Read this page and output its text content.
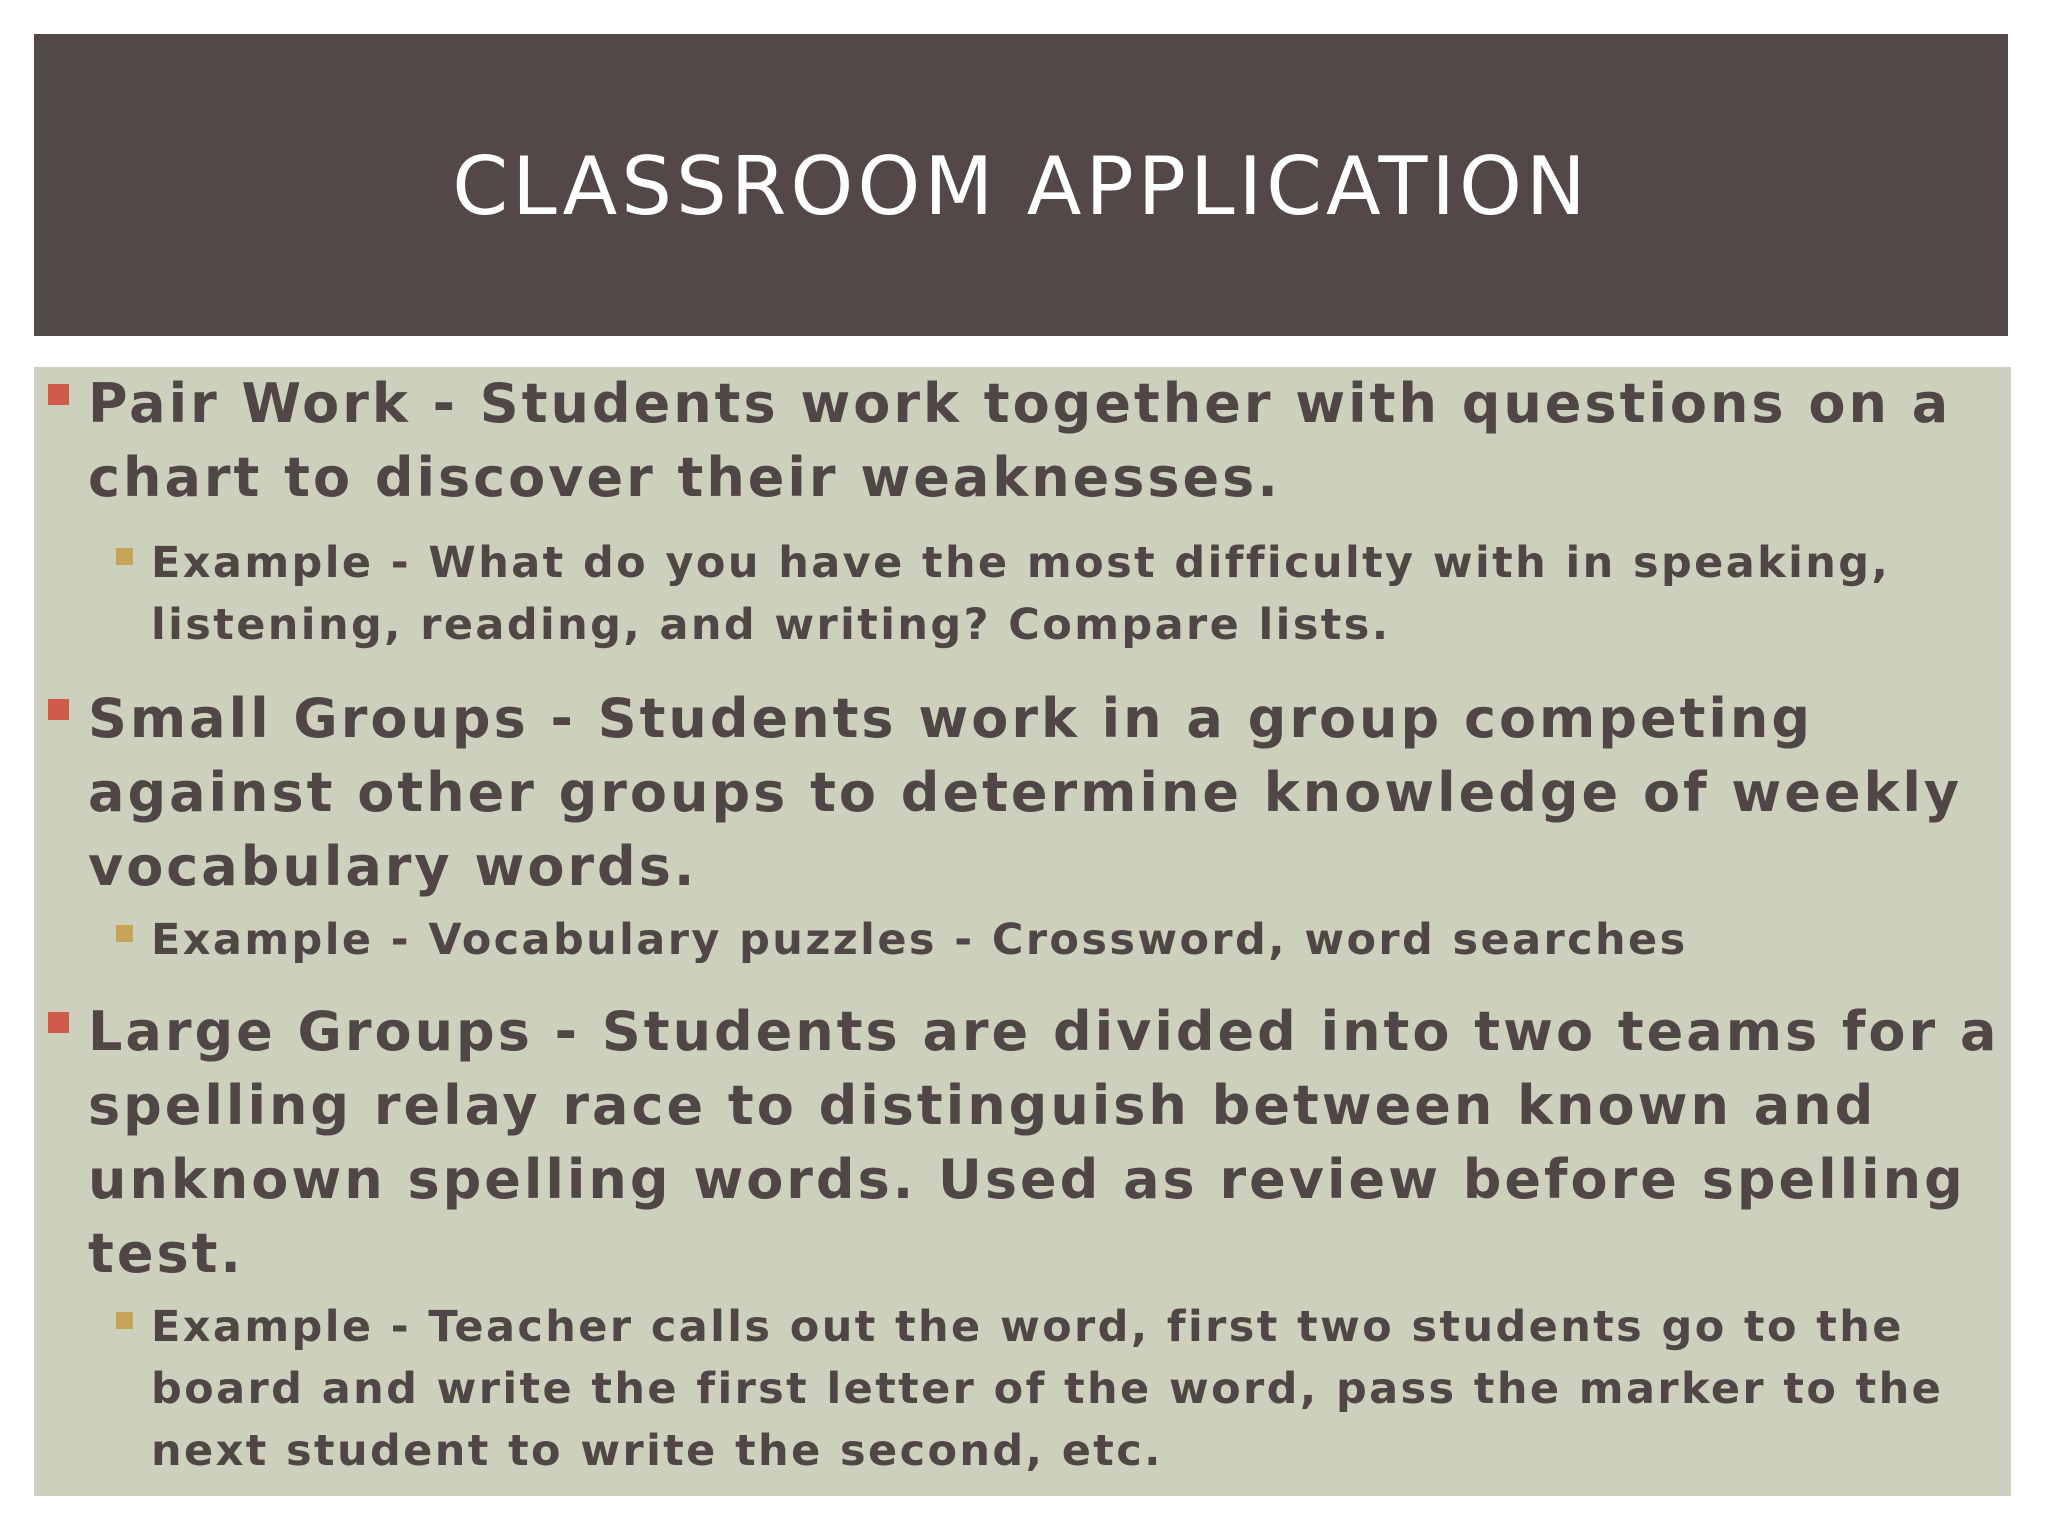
CLASSROOM APPLICATION
Pair Work - Students work together with questions on a chart to discover their weaknesses.
Example - What do you have the most difficulty with in speaking, listening, reading, and writing? Compare lists.
Small Groups - Students work in a group competing against other groups to determine knowledge of weekly vocabulary words.
Example - Vocabulary puzzles - Crossword, word searches
Large Groups - Students are divided into two teams for a spelling relay race to distinguish between known and unknown spelling words. Used as review before spelling test.
Example - Teacher calls out the word, first two students go to the board and write the first letter of the word, pass the marker to the next student to write the second, etc.
